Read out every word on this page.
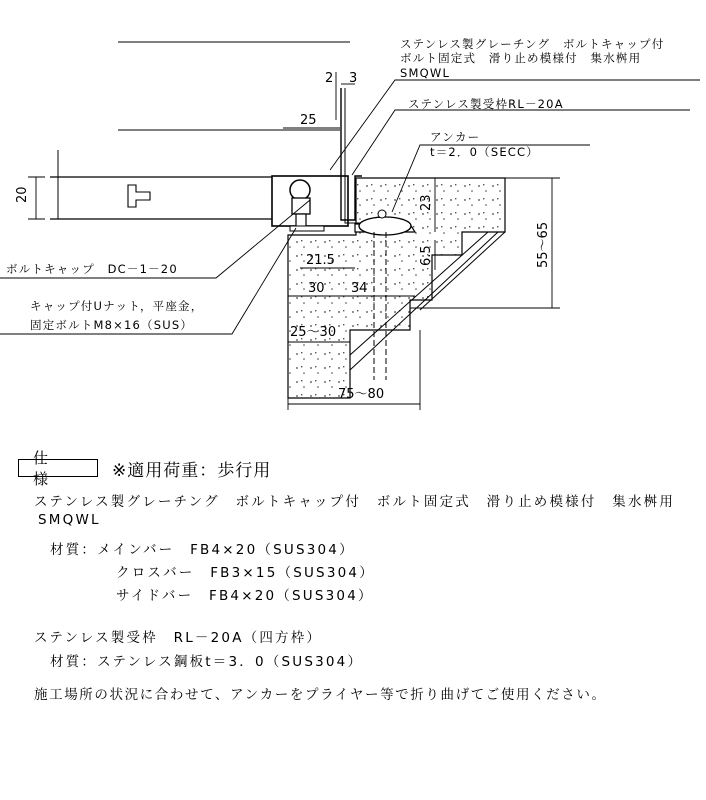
ステンレス製グレーチング　ボルトキャップ付
ボルト固定式　滑り止め模様付　集水桝用
SMQWL
ステンレス製受枠RL－20A
アンカー
t＝2．0（SECC）
ボルトキャップ　DC－1－20
キャップ付Uナット，平座金，
固定ボルトM8×16（SUS）
2 3
25
20	23
6.5
21.5
30 34
55～65
25～30
75～80
仕　様	※適用荷重：歩行用
ステンレス製グレーチング　ボルトキャップ付　ボルト固定式　滑り止め模様付　集水桝用
SMQWL
材質：メインバー　FB4×20（SUS304）
クロスバー　FB3×15（SUS304）
サイドバー　FB4×20（SUS304）
ステンレス製受枠　RL－20A（四方枠）
材質：ステンレス鋼板t＝3．0（SUS304）
施工場所の状況に合わせて、アンカーをプライヤー等で折り曲げてご使用ください。
